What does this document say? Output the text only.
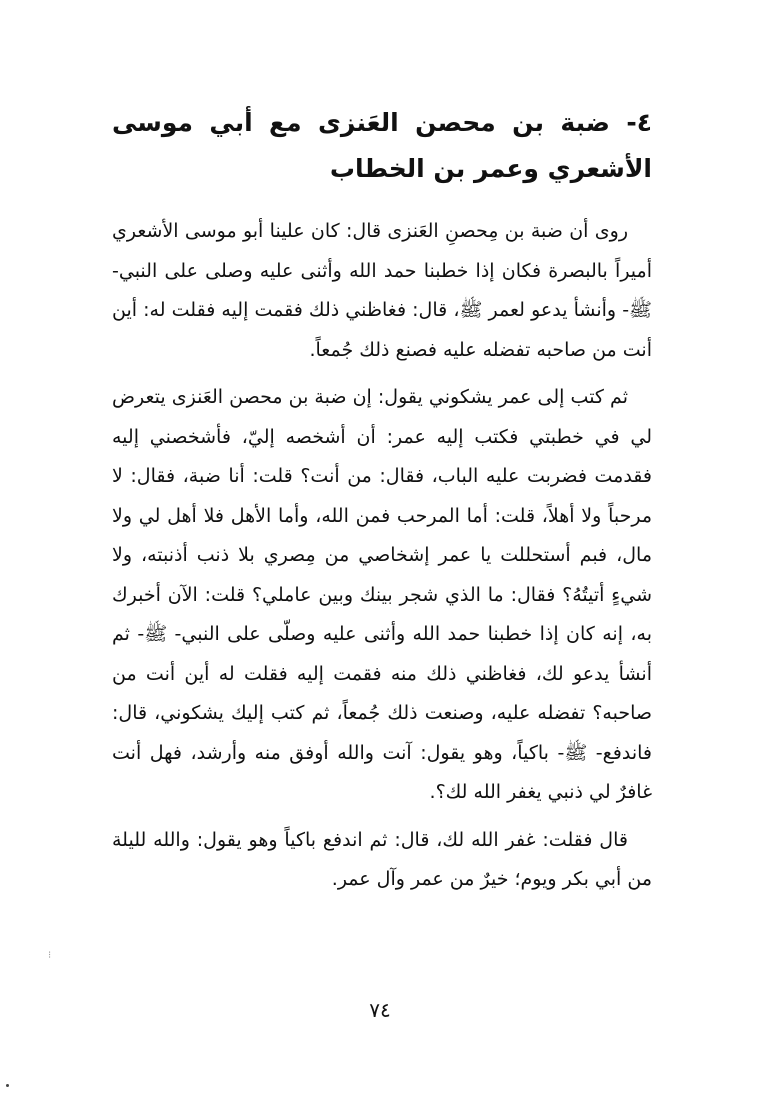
٤- ضبة بن محصن العَنزى مع أبي موسى الأشعري وعمر بن الخطاب

روى أن ضبة بن مِحصنِ العَنزى قال: كان علينا أبو موسى الأشعري أميراً بالبصرة فكان إذا خطبنا حمد الله وأثنى عليه وصلى على النبي- ﷺ- وأنشأ يدعو لعمر ﷺ، قال: فغاظني ذلك فقمت إليه فقلت له: أين أنت من صاحبه تفضله عليه فصنع ذلك جُمعاً.

ثم كتب إلى عمر يشكوني يقول: إن ضبة بن محصن العَنزى يتعرض لي في خطبتي فكتب إليه عمر: أن أشخصه إليّ، فأشخصني إليه فقدمت فضربت عليه الباب، فقال: من أنت؟ قلت: أنا ضبة، فقال: لا مرحباً ولا أهلاً، قلت: أما المرحب فمن الله، وأما الأهل فلا أهل لي ولا مال، فبم أستحللت يا عمر إشخاصي من مِصري بلا ذنب أذنبته، ولا شيءٍ أتيتُهُ؟ فقال: ما الذي شجر بينك وبين عاملي؟ قلت: الآن أخبرك به، إنه كان إذا خطبنا حمد الله وأثنى عليه وصلّى على النبي- ﷺ- ثم أنشأ يدعو لك، فغاظني ذلك منه فقمت إليه فقلت له أين أنت من صاحبه؟ تفضله عليه، وصنعت ذلك جُمعاً، ثم كتب إليك يشكوني، قال: فاندفع- ﷺ- باكياً، وهو يقول: آنت والله أوفق منه وأرشد، فهل أنت غافرٌ لي ذنبي يغفر الله لك؟.

قال فقلت: غفر الله لك، قال: ثم اندفع باكياً وهو يقول: والله لليلة من أبي بكر ويوم؛ خيرٌ من عمر وآل عمر.

٧٤
⁝
